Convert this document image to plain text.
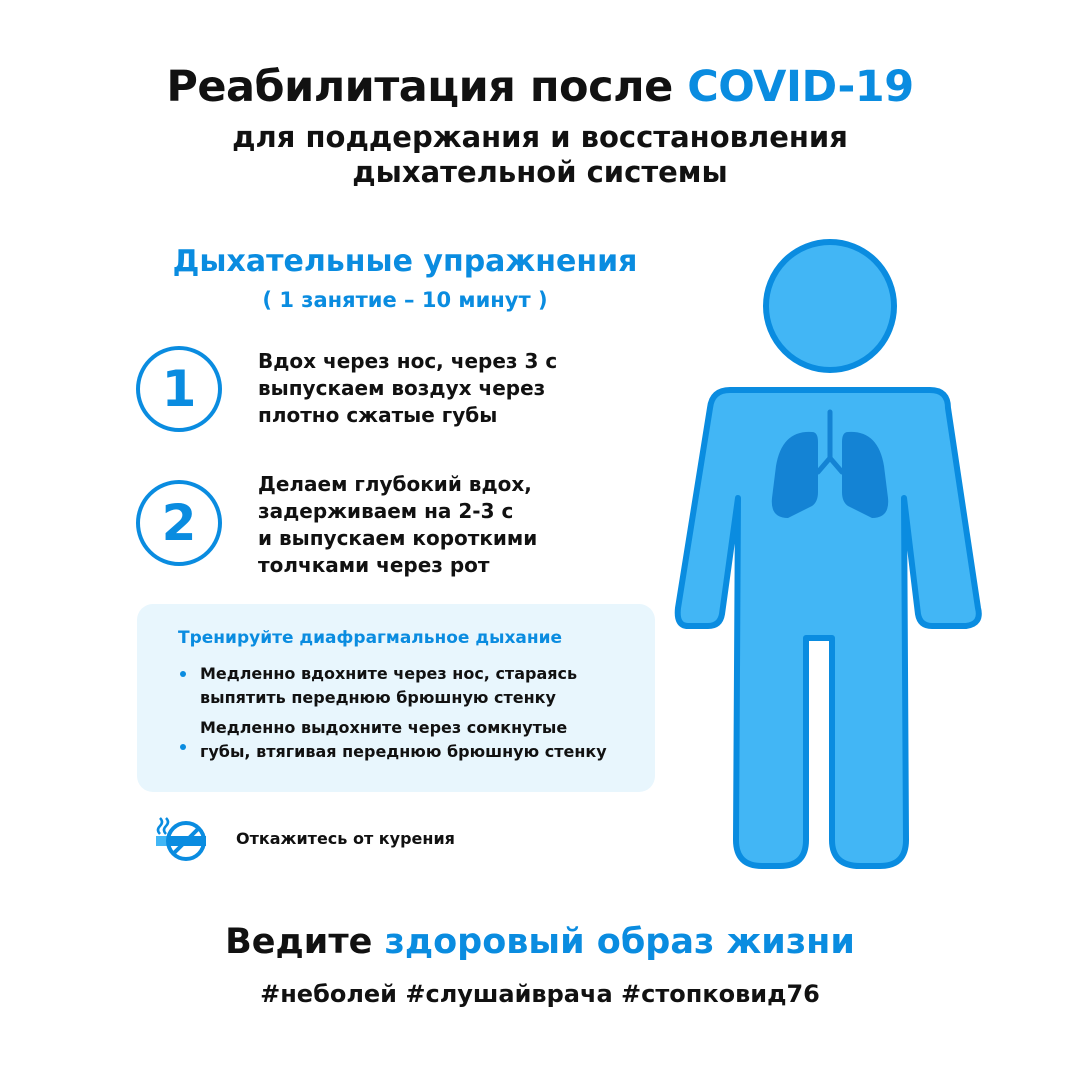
Реабилитация после COVID-19
для поддержания и восстановления
дыхательной системы
Дыхательные упражнения
( 1 занятие – 10 минут )
1	Вдох через нос, через 3 с
выпускаем воздух через
плотно сжатые губы
2
Делаем глубокий вдох,
задерживаем на 2-3 с
и выпускаем короткими
толчками через рот
Тренируйте диафрагмальное дыхание
Медленно вдохните через нос, стараясь
выпятить переднюю брюшную стенку
Медленно выдохните через сомкнутые
губы, втягивая переднюю брюшную стенку
Откажитесь от курения
Ведите здоровый образ жизни
#неболей #слушайврача #стопковид76
